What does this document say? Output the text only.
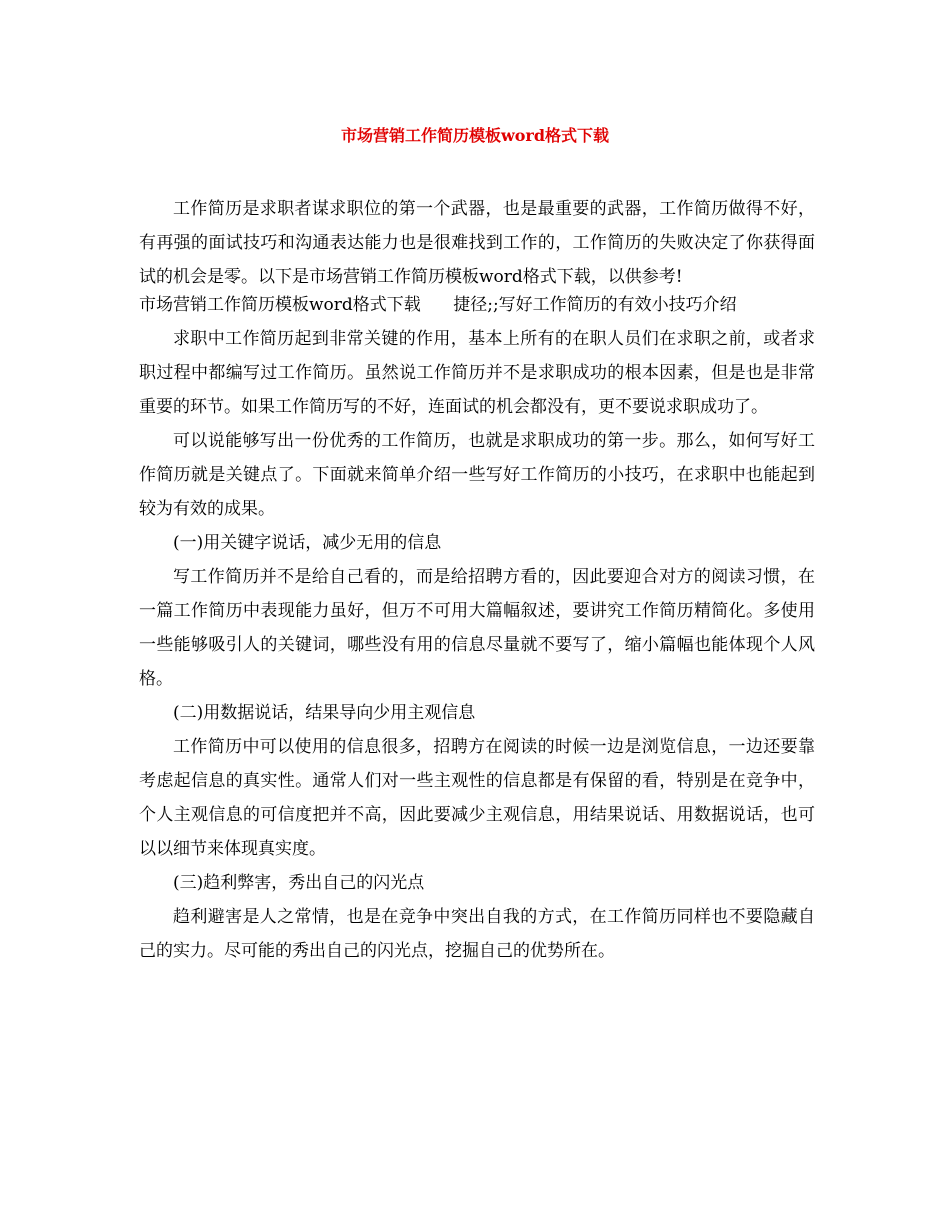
市场营销工作简历模板word格式下载

工作简历是求职者谋求职位的第一个武器，也是最重要的武器，工作简历做得不好，有再强的面试技巧和沟通表达能力也是很难找到工作的，工作简历的失败决定了你获得面试的机会是零。以下是市场营销工作简历模板word格式下载，以供参考!

市场营销工作简历模板word格式下载      捷径;;写好工作简历的有效小技巧介绍

求职中工作简历起到非常关键的作用，基本上所有的在职人员们在求职之前，或者求职过程中都编写过工作简历。虽然说工作简历并不是求职成功的根本因素，但是也是非常重要的环节。如果工作简历写的不好，连面试的机会都没有，更不要说求职成功了。

可以说能够写出一份优秀的工作简历，也就是求职成功的第一步。那么，如何写好工作简历就是关键点了。下面就来简单介绍一些写好工作简历的小技巧，在求职中也能起到较为有效的成果。

(一)用关键字说话，减少无用的信息

写工作简历并不是给自己看的，而是给招聘方看的，因此要迎合对方的阅读习惯，在一篇工作简历中表现能力虽好，但万不可用大篇幅叙述，要讲究工作简历精简化。多使用一些能够吸引人的关键词，哪些没有用的信息尽量就不要写了，缩小篇幅也能体现个人风格。

(二)用数据说话，结果导向少用主观信息

工作简历中可以使用的信息很多，招聘方在阅读的时候一边是浏览信息，一边还要靠考虑起信息的真实性。通常人们对一些主观性的信息都是有保留的看，特别是在竞争中，个人主观信息的可信度把并不高，因此要减少主观信息，用结果说话、用数据说话，也可以以细节来体现真实度。

(三)趋利弊害，秀出自己的闪光点

趋利避害是人之常情，也是在竞争中突出自我的方式，在工作简历同样也不要隐藏自己的实力。尽可能的秀出自己的闪光点，挖掘自己的优势所在。
